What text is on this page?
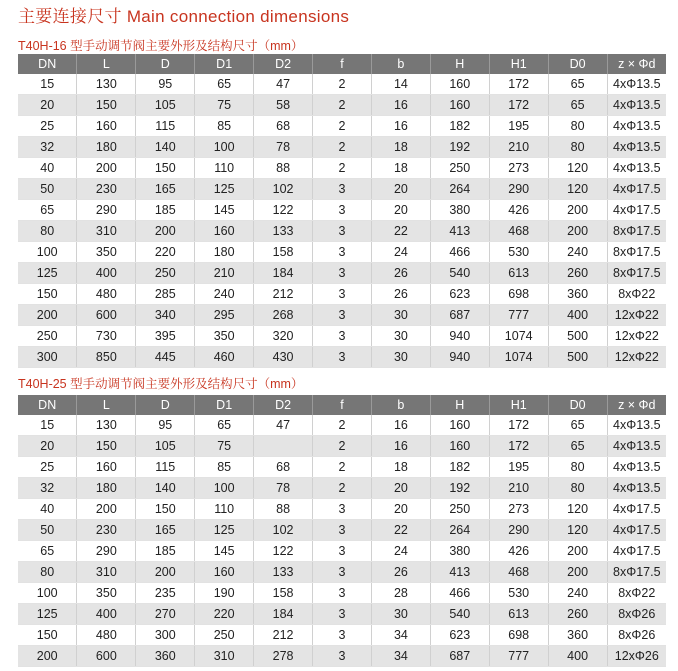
主要连接尺寸 Main connection dimensions
T40H-16 型手动调节阀主要外形及结构尺寸（mm）
DN	L	D	D1	D2	f	b	H	H1	D0	z × Φd
15	130	95	65	47	2	14	160	172	65	4xΦ13.5
20	150	105	75	58	2	16	160	172	65	4xΦ13.5
25	160	115	85	68	2	16	182	195	80	4xΦ13.5
32	180	140	100	78	2	18	192	210	80	4xΦ13.5
40	200	150	110	88	2	18	250	273	120	4xΦ13.5
50	230	165	125	102	3	20	264	290	120	4xΦ17.5
65	290	185	145	122	3	20	380	426	200	4xΦ17.5
80	310	200	160	133	3	22	413	468	200	8xΦ17.5
100	350	220	180	158	3	24	466	530	240	8xΦ17.5
125	400	250	210	184	3	26	540	613	260	8xΦ17.5
150	480	285	240	212	3	26	623	698	360	8xΦ22
200	600	340	295	268	3	30	687	777	400	12xΦ22
250	730	395	350	320	3	30	940	1074	500	12xΦ22
300	850	445	460	430	3	30	940	1074	500	12xΦ22
T40H-25 型手动调节阀主要外形及结构尺寸（mm）
DN	L	D	D1	D2	f	b	H	H1	D0	z × Φd
15	130	95	65	47	2	16	160	172	65	4xΦ13.5
20	150	105	75		2	16	160	172	65	4xΦ13.5
25	160	115	85	68	2	18	182	195	80	4xΦ13.5
32	180	140	100	78	2	20	192	210	80	4xΦ13.5
40	200	150	110	88	3	20	250	273	120	4xΦ17.5
50	230	165	125	102	3	22	264	290	120	4xΦ17.5
65	290	185	145	122	3	24	380	426	200	4xΦ17.5
80	310	200	160	133	3	26	413	468	200	8xΦ17.5
100	350	235	190	158	3	28	466	530	240	8xΦ22
125	400	270	220	184	3	30	540	613	260	8xΦ26
150	480	300	250	212	3	34	623	698	360	8xΦ26
200	600	360	310	278	3	34	687	777	400	12xΦ26
